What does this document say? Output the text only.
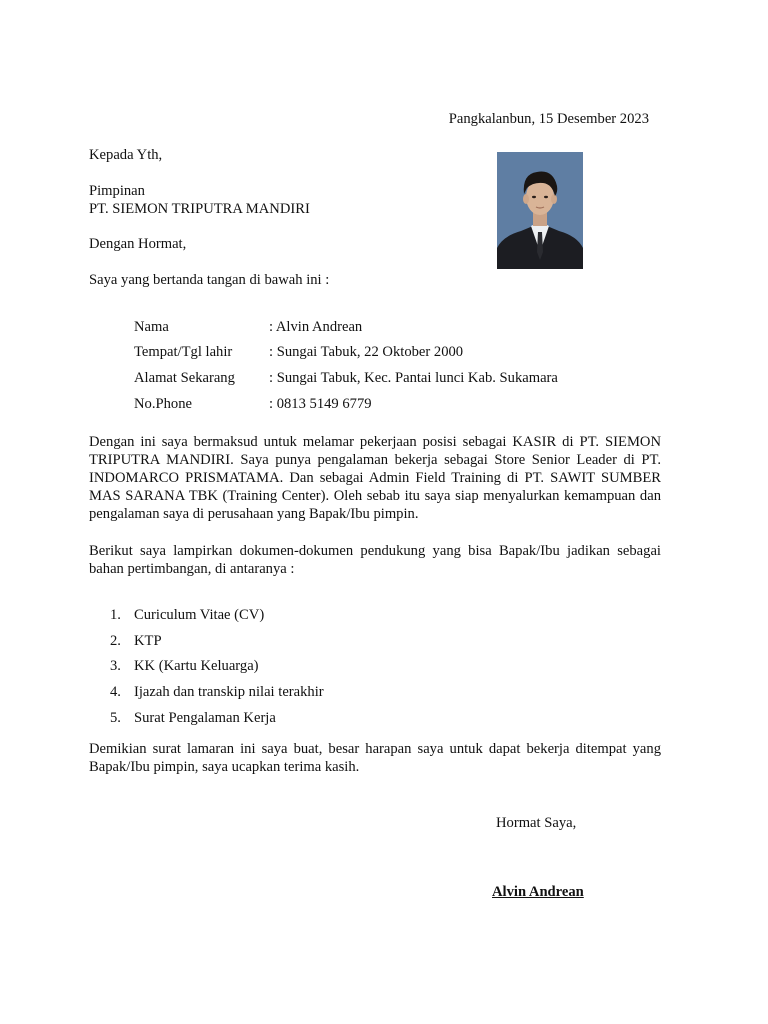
Pangkalanbun, 15 Desember 2023
Kepada Yth,
Pimpinan
PT. SIEMON TRIPUTRA MANDIRI
Dengan Hormat,
Saya yang bertanda tangan di bawah ini :
Nama	: Alvin Andrean
Tempat/Tgl lahir	: Sungai Tabuk, 22 Oktober 2000
Alamat Sekarang	: Sungai Tabuk, Kec. Pantai lunci Kab. Sukamara
No.Phone	: 0813 5149 6779
Dengan ini saya bermaksud untuk melamar pekerjaan posisi sebagai KASIR di PT. SIEMON TRIPUTRA MANDIRI. Saya punya pengalaman bekerja sebagai Store Senior Leader di PT. INDOMARCO PRISMATAMA. Dan sebagai Admin Field Training di PT. SAWIT SUMBER MAS SARANA TBK (Training Center). Oleh sebab itu saya siap menyalurkan kemampuan dan pengalaman saya di perusahaan yang Bapak/Ibu pimpin.
Berikut saya lampirkan dokumen-dokumen pendukung yang bisa Bapak/Ibu jadikan sebagai bahan pertimbangan, di antaranya :
1. Curiculum Vitae (CV)
2. KTP
3. KK (Kartu Keluarga)
4. Ijazah dan transkip nilai terakhir
5. Surat Pengalaman Kerja
Demikian surat lamaran ini saya buat, besar harapan saya untuk dapat bekerja ditempat yang Bapak/Ibu pimpin, saya ucapkan terima kasih.
Hormat Saya,
Alvin Andrean
